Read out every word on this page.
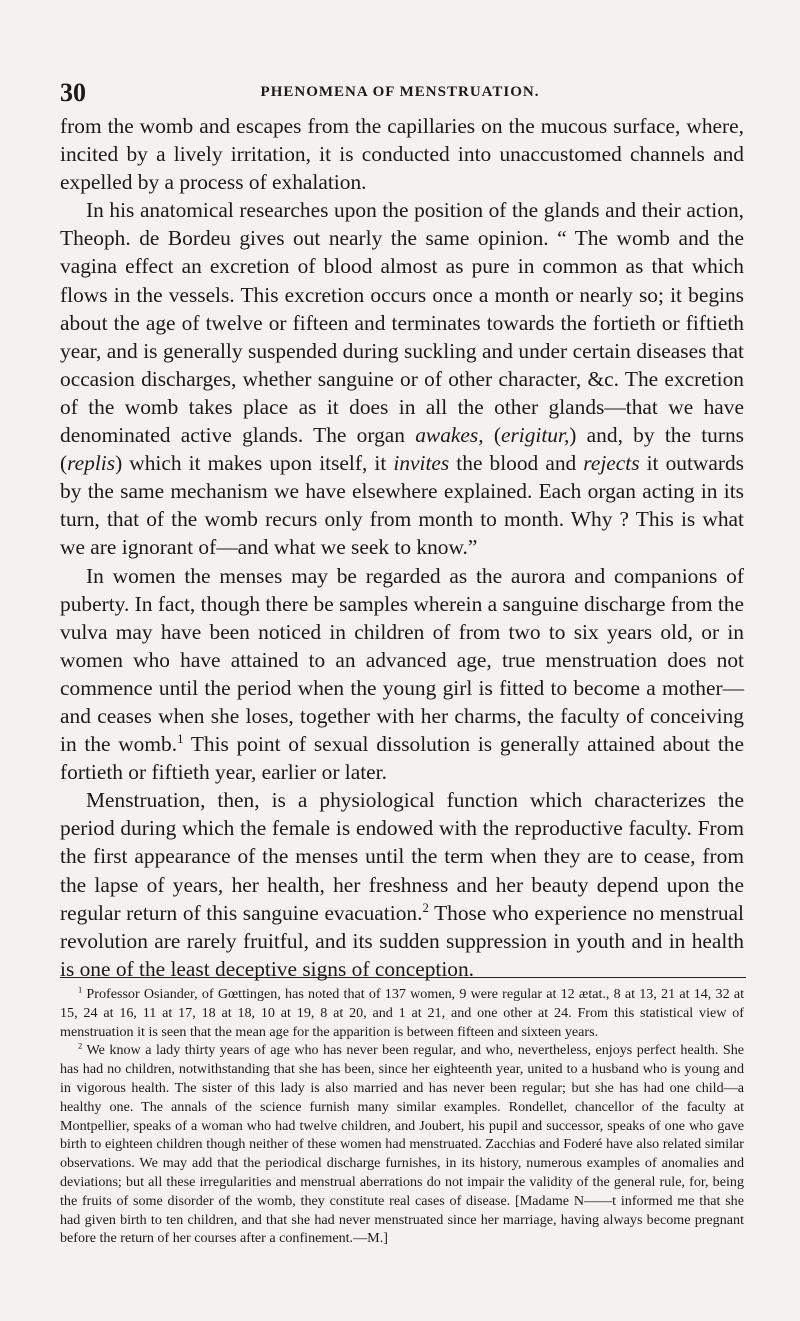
30	PHENOMENA OF MENSTRUATION.

from the womb and escapes from the capillaries on the mucous surface, where, incited by a lively irritation, it is conducted into unaccustomed channels and expelled by a process of exhalation.

In his anatomical researches upon the position of the glands and their action, Theoph. de Bordeu gives out nearly the same opinion. “ The womb and the vagina effect an excretion of blood almost as pure in common as that which flows in the vessels. This excretion occurs once a month or nearly so; it begins about the age of twelve or fifteen and terminates towards the fortieth or fiftieth year, and is generally suspended during suckling and under certain diseases that occasion discharges, whether sanguine or of other character, &c. The excretion of the womb takes place as it does in all the other glands—that we have denominated active glands. The organ awakes, (erigitur,) and, by the turns (replis) which it makes upon itself, it invites the blood and rejects it outwards by the same mechanism we have elsewhere explained. Each organ acting in its turn, that of the womb recurs only from month to month. Why ? This is what we are ignorant of—and what we seek to know.”

In women the menses may be regarded as the aurora and companions of puberty. In fact, though there be samples wherein a sanguine discharge from the vulva may have been noticed in children of from two to six years old, or in women who have attained to an advanced age, true menstruation does not commence until the period when the young girl is fitted to become a mother—and ceases when she loses, together with her charms, the faculty of conceiving in the womb.$^1$ This point of sexual dissolution is generally attained about the fortieth or fiftieth year, earlier or later.

Menstruation, then, is a physiological function which characterizes the period during which the female is endowed with the reproductive faculty. From the first appearance of the menses until the term when they are to cease, from the lapse of years, her health, her freshness and her beauty depend upon the regular return of this sanguine evacuation.$^2$ Those who experience no menstrual revolution are rarely fruitful, and its sudden suppression in youth and in health is one of the least deceptive signs of conception.

$^1$ Professor Osiander, of Gœttingen, has noted that of 137 women, 9 were regular at 12 ætat., 8 at 13, 21 at 14, 32 at 15, 24 at 16, 11 at 17, 18 at 18, 10 at 19, 8 at 20, and 1 at 21, and one other at 24. From this statistical view of menstruation it is seen that the mean age for the apparition is between fifteen and sixteen years.

$^2$ We know a lady thirty years of age who has never been regular, and who, nevertheless, enjoys perfect health. She has had no children, notwithstanding that she has been, since her eighteenth year, united to a husband who is young and in vigorous health. The sister of this lady is also married and has never been regular; but she has had one child—a healthy one. The annals of the science furnish many similar examples. Rondellet, chancellor of the faculty at Montpellier, speaks of a woman who had twelve children, and Joubert, his pupil and successor, speaks of one who gave birth to eighteen children though neither of these women had menstruated. Zacchias and Foderé have also related similar observations. We may add that the periodical discharge furnishes, in its history, numerous examples of anomalies and deviations; but all these irregularities and menstrual aberrations do not impair the validity of the general rule, for, being the fruits of some disorder of the womb, they constitute real cases of disease. [Madame N——t informed me that she had given birth to ten children, and that she had never menstruated since her marriage, having always become pregnant before the return of her courses after a confinement.—M.]
